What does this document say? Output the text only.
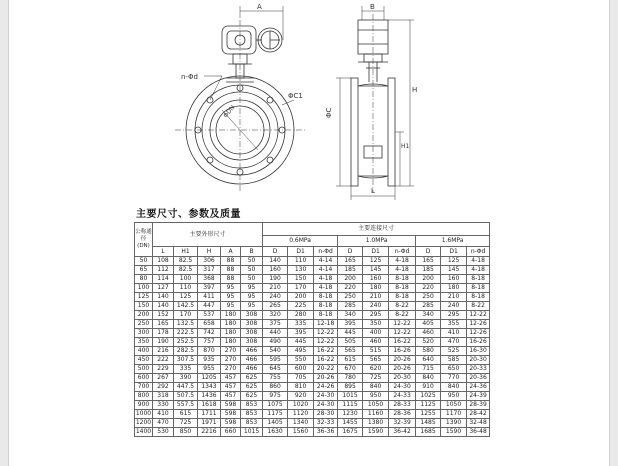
A
n-Φd
ΦC1
ΦDN
B
ΦC
H
H1
L
主要尺寸、参数及质量
公称通径(DN)	主要外形尺寸					主要连接尺寸								
						0.6MPa			1.0MPa			1.6MPa		
	L	H1	H	A	B	D	D1	n-Φd	D	D1	n-Φd	D	D1	n-Φd
50	108	82.5	306	88	50	140	110	4-14	165	125	4-18	165	125	4-18
65	112	82.5	317	88	50	160	130	4-14	185	145	4-18	185	145	4-18
80	114	100	368	88	50	190	150	4-18	200	160	8-18	200	160	8-18
100	127	110	397	95	95	210	170	4-18	220	180	8-18	220	180	8-18
125	140	125	411	95	95	240	200	8-18	250	210	8-18	250	210	8-18
150	140	142.5	447	95	95	265	225	8-18	285	240	8-22	285	240	8-22
200	152	170	537	180	308	320	280	8-18	340	295	8-22	340	295	12-22
250	165	132.5	658	180	308	375	335	12-18	395	350	12-22	405	355	12-26
300	178	222.5	742	180	308	440	395	12-22	445	400	12-22	460	410	12-26
350	190	252.5	757	180	308	490	445	12-22	505	460	16-22	520	470	16-26
400	216	282.5	870	270	466	540	495	16-22	565	515	16-26	580	525	16-30
450	222	307.5	935	270	466	595	550	16-22	615	565	20-26	640	585	20-30
500	229	335	955	270	466	645	600	20-22	670	620	20-26	715	650	20-33
600	267	390	1205	457	625	755	705	20-26	780	725	20-30	840	770	20-36
700	292	447.5	1343	457	625	860	810	24-26	895	840	24-30	910	840	24-36
800	318	507.5	1436	457	625	975	920	24-30	1015	950	24-33	1025	950	24-39
900	330	557.5	1618	598	853	1075	1020	24-30	1115	1050	28-33	1125	1050	28-39
1000	410	615	1711	598	853	1175	1120	28-30	1230	1160	28-36	1255	1170	28-42
1200	470	725	1971	598	853	1405	1340	32-33	1455	1380	32-39	1485	1390	32-48
1400	530	850	2216	660	1015	1630	1560	36-36	1675	1590	36-42	1685	1590	36-48
